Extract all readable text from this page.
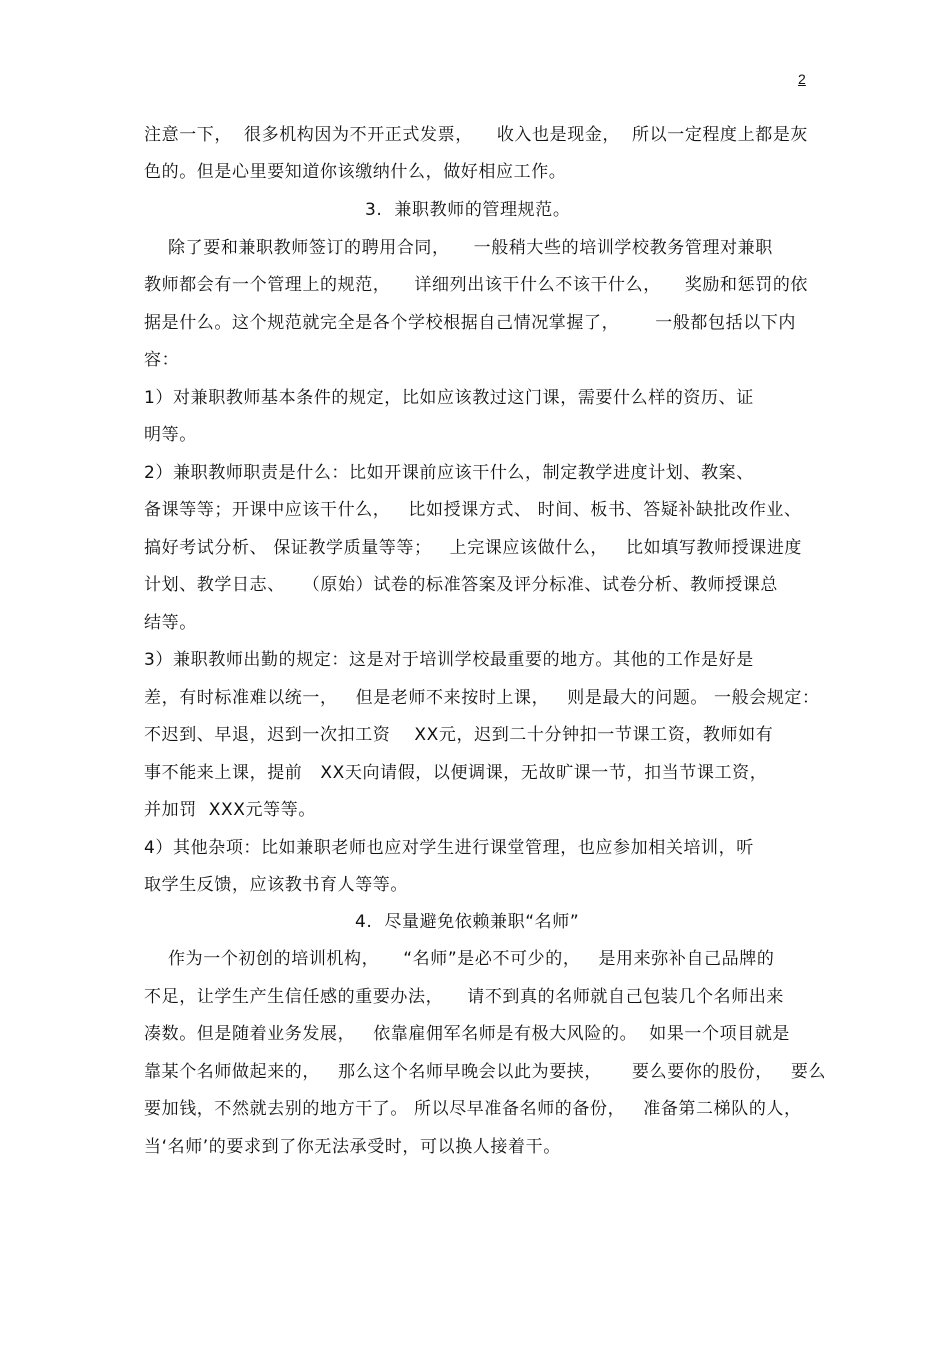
2
注意一下，  很多机构因为不开正式发票，    收入也是现金，  所以一定程度上都是灰
色的。但是心里要知道你该缴纳什么，做好相应工作。
3.  兼职教师的管理规范。
除了要和兼职教师签订的聘用合同，    一般稍大些的培训学校教务管理对兼职
教师都会有一个管理上的规范，    详细列出该干什么不该干什么，    奖励和惩罚的依
据是什么。这个规范就完全是各个学校根据自己情况掌握了，      一般都包括以下内
容：
1）对兼职教师基本条件的规定，比如应该教过这门课，需要什么样的资历、证
明等。
2）兼职教师职责是什么：比如开课前应该干什么，制定教学进度计划、教案、
备课等等；开课中应该干什么，   比如授课方式、 时间、板书、答疑补缺批改作业、
搞好考试分析、 保证教学质量等等；   上完课应该做什么，   比如填写教师授课进度
计划、教学日志、   （原始）试卷的标准答案及评分标准、试卷分析、教师授课总
结等。
3）兼职教师出勤的规定：这是对于培训学校最重要的地方。其他的工作是好是
差，有时标准难以统一，   但是老师不来按时上课，   则是最大的问题。 一般会规定：
不迟到、早退，迟到一次扣工资    XX元，迟到二十分钟扣一节课工资，教师如有
事不能来上课，提前   XX天向请假，以便调课，无故旷课一节，扣当节课工资，
并加罚  XXX元等等。
4）其他杂项：比如兼职老师也应对学生进行课堂管理，也应参加相关培训，听
取学生反馈，应该教书育人等等。
4.  尽量避免依赖兼职“名师”
作为一个初创的培训机构，    “名师”是必不可少的，   是用来弥补自己品牌的
不足，让学生产生信任感的重要办法，    请不到真的名师就自己包装几个名师出来
凑数。但是随着业务发展，   依靠雇佣军名师是有极大风险的。  如果一个项目就是
靠某个名师做起来的，   那么这个名师早晚会以此为要挟，     要么要你的股份，   要么
要加钱，不然就去别的地方干了。 所以尽早准备名师的备份，   准备第二梯队的人，
当‘名师’的要求到了你无法承受时，可以换人接着干。
